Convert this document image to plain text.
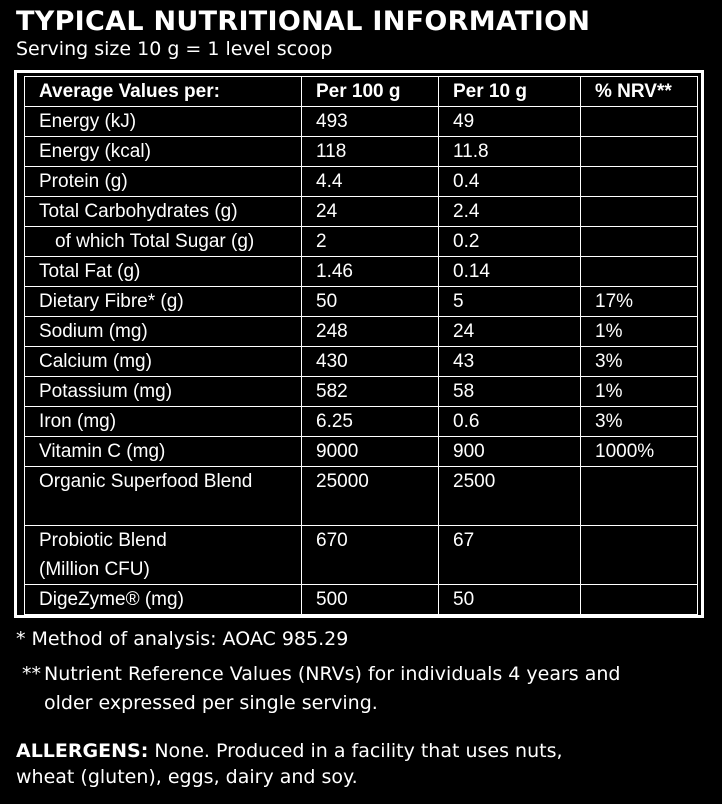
TYPICAL NUTRITIONAL INFORMATION
Serving size 10 g = 1 level scoop
Average Values per:	Per 100 g	Per 10 g	% NRV**
Energy (kJ)	493	49	
Energy (kcal)	118	11.8	
Protein (g)	4.4	0.4	
Total Carbohydrates (g)	24	2.4	
of which Total Sugar (g)	2	0.2	
Total Fat (g)	1.46	0.14	
Dietary Fibre* (g)	50	5	17%
Sodium (mg)	248	24	1%
Calcium (mg)	430	43	3%
Potassium (mg)	582	58	1%
Iron (mg)	6.25	0.6	3%
Vitamin C (mg)	9000	900	1000%
Organic Superfood Blend	25000	2500	
Probiotic Blend (Million CFU)	670	67	
DigeZyme® (mg)	500	50	
* Method of analysis: AOAC 985.29
** Nutrient Reference Values (NRVs) for individuals 4 years and
older expressed per single serving.
ALLERGENS: None. Produced in a facility that uses nuts,
wheat (gluten), eggs, dairy and soy.
